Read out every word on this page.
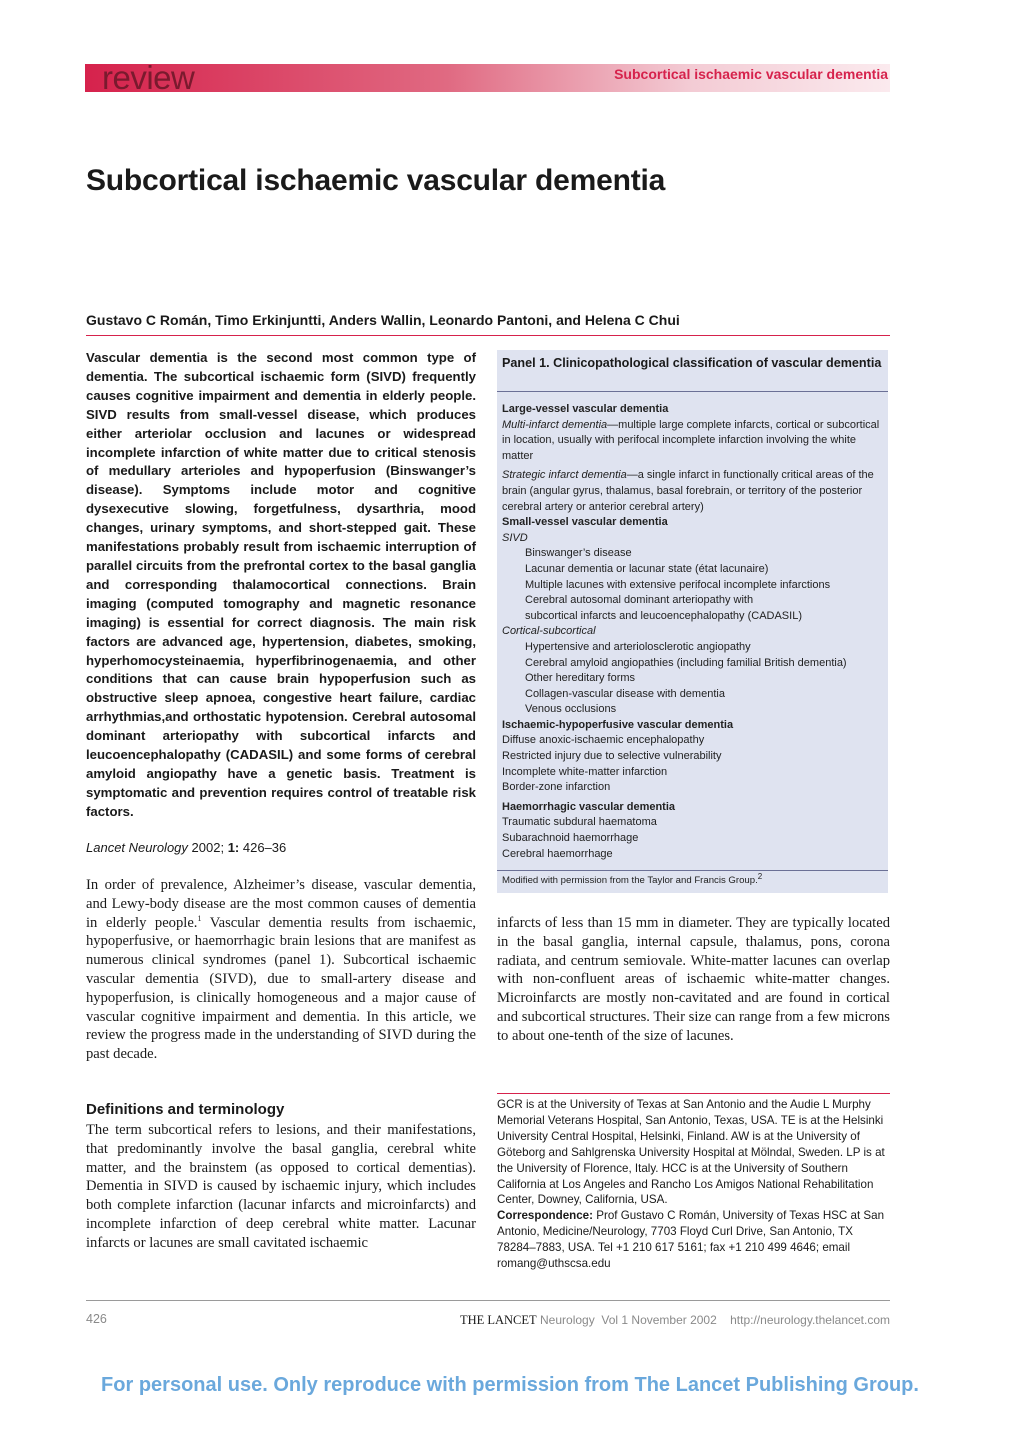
review	Subcortical ischaemic vascular dementia
Subcortical ischaemic vascular dementia
Gustavo C Román, Timo Erkinjuntti, Anders Wallin, Leonardo Pantoni, and Helena C Chui
Vascular dementia is the second most common type of dementia. The subcortical ischaemic form (SIVD) frequently causes cognitive impairment and dementia in elderly people. SIVD results from small-vessel disease, which produces either arteriolar occlusion and lacunes or widespread incomplete infarction of white matter due to critical stenosis of medullary arterioles and hypoperfusion (Binswanger’s disease). Symptoms include motor and cognitive dysexecutive slowing, forgetfulness, dysarthria, mood changes, urinary symptoms, and short-stepped gait. These manifestations probably result from ischaemic interruption of parallel circuits from the prefrontal cortex to the basal ganglia and corresponding thalamocortical connections. Brain imaging (computed tomography and magnetic resonance imaging) is essential for correct diagnosis. The main risk factors are advanced age, hypertension, diabetes, smoking, hyperhomocysteinaemia, hyperfibrinogenaemia, and other conditions that can cause brain hypoperfusion such as obstructive sleep apnoea, congestive heart failure, cardiac arrhythmias,and orthostatic hypotension. Cerebral autosomal dominant arteriopathy with subcortical infarcts and leucoencephalopathy (CADASIL) and some forms of cerebral amyloid angiopathy have a genetic basis. Treatment is symptomatic and prevention requires control of treatable risk factors.
Lancet Neurology 2002; 1: 426–36
Panel 1. Clinicopathological classification of vascular dementia
Large-vessel vascular dementia
Multi-infarct dementia—multiple large complete infarcts, cortical or subcortical in location, usually with perifocal incomplete infarction involving the white matter
Strategic infarct dementia—a single infarct in functionally critical areas of the brain (angular gyrus, thalamus, basal forebrain, or territory of the posterior cerebral artery or anterior cerebral artery)
Small-vessel vascular dementia
SIVD
Binswanger’s disease
Lacunar dementia or lacunar state (état lacunaire)
Multiple lacunes with extensive perifocal incomplete infarctions
Cerebral autosomal dominant arteriopathy with
subcortical infarcts and leucoencephalopathy (CADASIL)
Cortical-subcortical
Hypertensive and arteriolosclerotic angiopathy
Cerebral amyloid angiopathies (including familial British dementia)
Other hereditary forms
Collagen-vascular disease with dementia
Venous occlusions
Ischaemic-hypoperfusive vascular dementia
Diffuse anoxic-ischaemic encephalopathy
Restricted injury due to selective vulnerability
Incomplete white-matter infarction
Border-zone infarction
Haemorrhagic vascular dementia
Traumatic subdural haematoma
Subarachnoid haemorrhage
Cerebral haemorrhage
Modified with permission from the Taylor and Francis Group.$^2$
In order of prevalence, Alzheimer’s disease, vascular dementia, and Lewy-body disease are the most common causes of dementia in elderly people.$^1$ Vascular dementia results from ischaemic, hypoperfusive, or haemorrhagic brain lesions that are manifest as numerous clinical syndromes (panel 1). Subcortical ischaemic vascular dementia (SIVD), due to small-artery disease and hypoperfusion, is clinically homogeneous and a major cause of vascular cognitive impairment and dementia. In this article, we review the progress made in the understanding of SIVD during the past decade.
Definitions and terminology
The term subcortical refers to lesions, and their manifestations, that predominantly involve the basal ganglia, cerebral white matter, and the brainstem (as opposed to cortical dementias). Dementia in SIVD is caused by ischaemic injury, which includes both complete infarction (lacunar infarcts and microinfarcts) and incomplete infarction of deep cerebral white matter. Lacunar infarcts or lacunes are small cavitated ischaemic
infarcts of less than 15 mm in diameter. They are typically located in the basal ganglia, internal capsule, thalamus, pons, corona radiata, and centrum semiovale. White-matter lacunes can overlap with non-confluent areas of ischaemic white-matter changes. Microinfarcts are mostly non-cavitated and are found in cortical and subcortical structures. Their size can range from a few microns to about one-tenth of the size of lacunes.
GCR is at the University of Texas at San Antonio and the Audie L Murphy Memorial Veterans Hospital, San Antonio, Texas, USA. TE is at the Helsinki University Central Hospital, Helsinki, Finland. AW is at the University of Göteborg and Sahlgrenska University Hospital at Mölndal, Sweden. LP is at the University of Florence, Italy. HCC is at the University of Southern California at Los Angeles and Rancho Los Amigos National Rehabilitation Center, Downey, California, USA.
Correspondence: Prof Gustavo C Román, University of Texas HSC at San Antonio, Medicine/Neurology, 7703 Floyd Curl Drive, San Antonio, TX 78284–7883, USA. Tel +1 210 617 5161; fax +1 210 499 4646; email romang@uthscsa.edu
426	THE LANCET Neurology Vol 1 November 2002 http://neurology.thelancet.com
For personal use. Only reproduce with permission from The Lancet Publishing Group.
